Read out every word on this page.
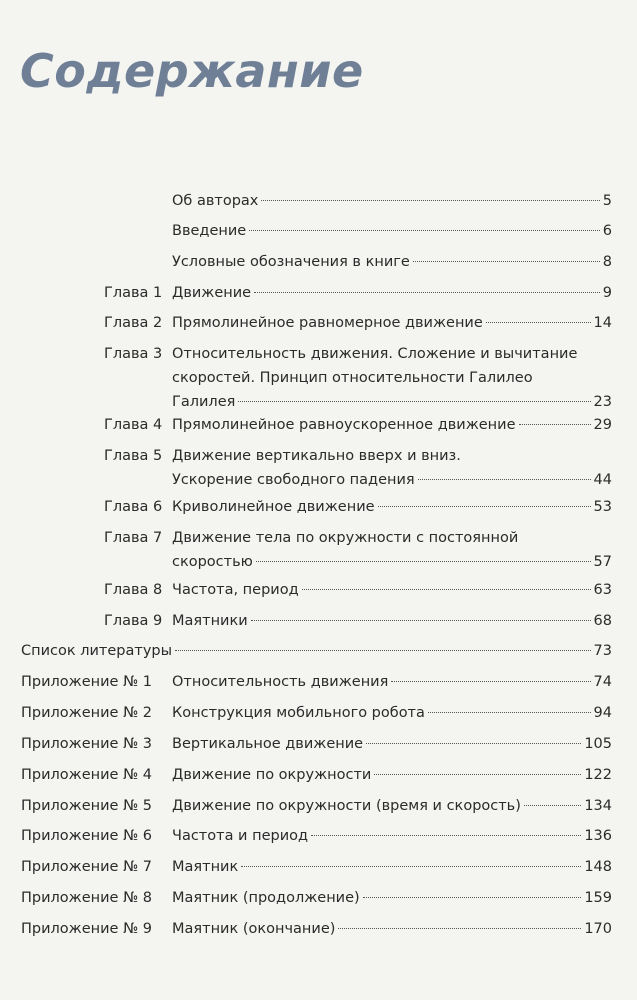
Содержание
Об авторах	5
Введение	6
Условные обозначения в книге	8
Глава 1 Движение	9
Глава 2 Прямолинейное равномерное движение	14
Глава 3 Относительность движения. Сложение и вычитание
скоростей. Принцип относительности Галилео
Галилея	23
Глава 4 Прямолинейное равноускоренное движение	29
Глава 5 Движение вертикально вверх и вниз.
Ускорение свободного падения	44
Глава 6 Криволинейное движение	53
Глава 7 Движение тела по окружности с постоянной
скоростью	57
Глава 8 Частота, период	63
Глава 9 Маятники	68
Список литературы	73
Приложение № 1 Относительность движения	74
Приложение № 2 Конструкция мобильного робота	94
Приложение № 3 Вертикальное движение	105
Приложение № 4 Движение по окружности	122
Приложение № 5 Движение по окружности (время и скорость)	134
Приложение № 6 Частота и период	136
Приложение № 7 Маятник	148
Приложение № 8 Маятник (продолжение)	159
Приложение № 9 Маятник (окончание)	170
